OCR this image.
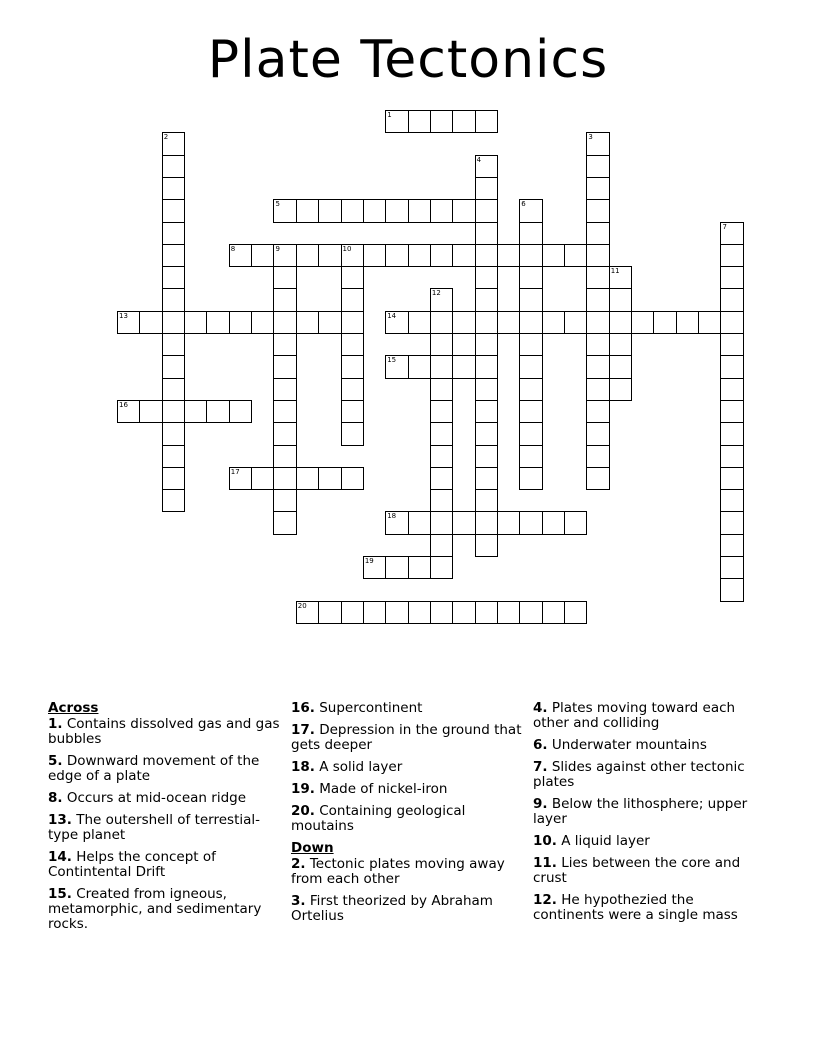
Plate Tectonics
1
2	3
4
5	6
7
8	9	10
11
12
13	14
15
16
17
18
19
20
Across
1. Contains dissolved gas and gas bubbles
5. Downward movement of the edge of a plate
8. Occurs at mid-ocean ridge
13. The outershell of terrestial-type planet
14. Helps the concept of Contintental Drift
15. Created from igneous, metamorphic, and sedimentary rocks.
16. Supercontinent
17. Depression in the ground that gets deeper
18. A solid layer
19. Made of nickel-iron
20. Containing geological moutains
Down
2. Tectonic plates moving away from each other
3. First theorized by Abraham Ortelius
4. Plates moving toward each other and colliding
6. Underwater mountains
7. Slides against other tectonic plates
9. Below the lithosphere; upper layer
10. A liquid layer
11. Lies between the core and crust
12. He hypothezied the continents were a single mass
